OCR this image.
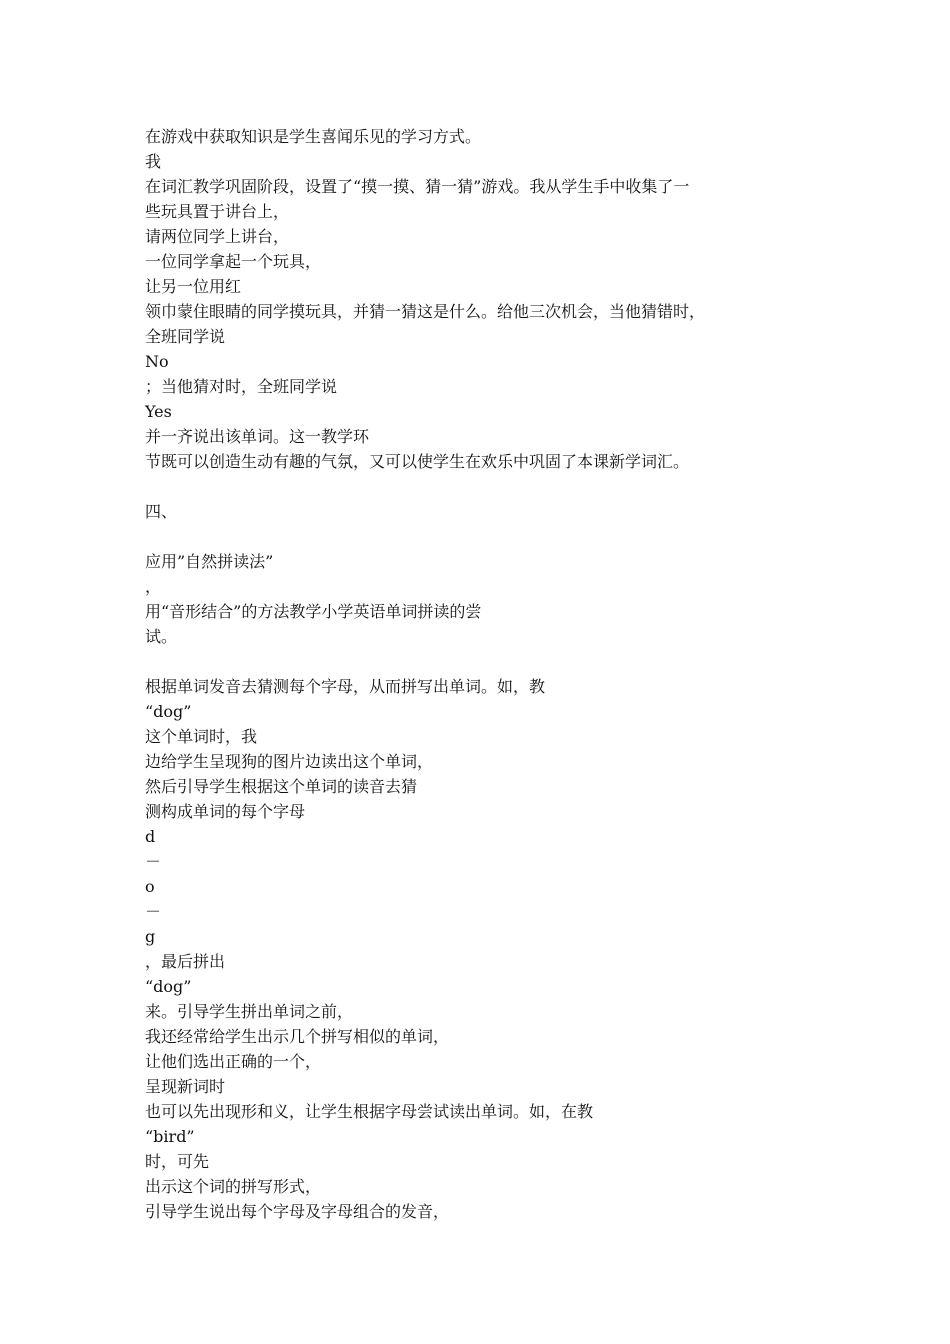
在游戏中获取知识是学生喜闻乐见的学习方式。

我

在词汇教学巩固阶段，设置了“摸一摸、猜一猜”游戏。我从学生手中收集了一

些玩具置于讲台上，

请两位同学上讲台，

一位同学拿起一个玩具，

让另一位用红

领巾蒙住眼睛的同学摸玩具，并猜一猜这是什么。给他三次机会，当他猜错时，

全班同学说

No

；当他猜对时，全班同学说

Yes

并一齐说出该单词。这一教学环

节既可以创造生动有趣的气氛，又可以使学生在欢乐中巩固了本课新学词汇。

四、

应用”自然拼读法”

，

用“音形结合”的方法教学小学英语单词拼读的尝

试。

根据单词发音去猜测每个字母，从而拼写出单词。如，教

“dog”

这个单词时，我

边给学生呈现狗的图片边读出这个单词，

然后引导学生根据这个单词的读音去猜

测构成单词的每个字母

d

－

o

－

g

，最后拼出

“dog”

来。引导学生拼出单词之前，

我还经常给学生出示几个拼写相似的单词，

让他们选出正确的一个，

呈现新词时

也可以先出现形和义，让学生根据字母尝试读出单词。如，在教

“bird”

时，可先

出示这个词的拼写形式，

引导学生说出每个字母及字母组合的发音，
